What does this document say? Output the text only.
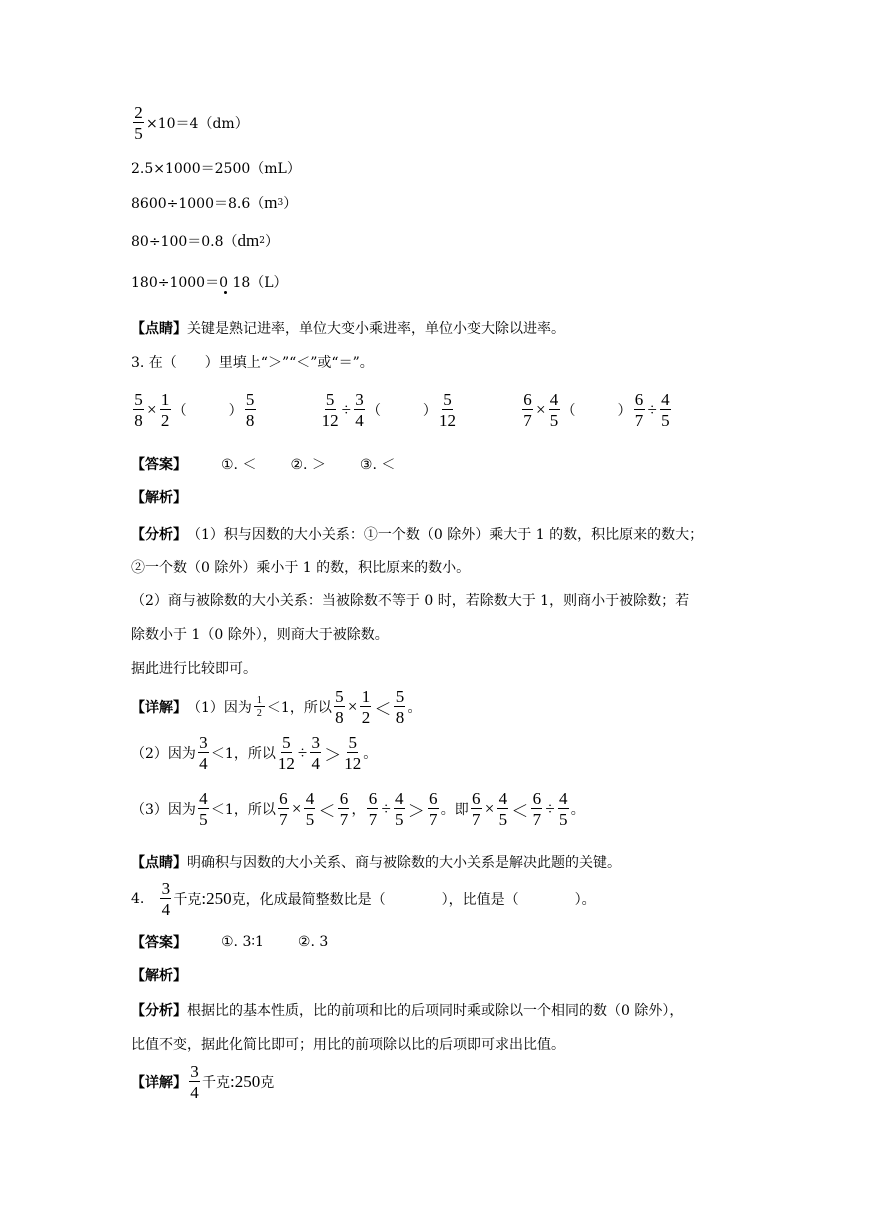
$\frac{2}{5} \times 10=4(dm)$
2.5×1000＝2500（mL）
8600÷1000＝8.6（ m 3 ）
80÷100＝0.8（ dm 2 ）
180÷1000＝0 18（L）
【点睛】 关键是熟记进率，单位大变小乘进率，单位小变大除以进率。
3. 在（　　）里填上“＞”“＜”或“＝”。
$\frac{5}{8} \times \frac{1}{2}$ （　　　） $\frac{5}{8}$	$\frac{5}{12} \div \frac{3}{4}$ （　　　） $\frac{5}{12}$	$\frac{6}{7} \times \frac{4}{5}$ （　　　） $\frac{6}{7} \div \frac{4}{5}$
【答案】 ①. ＜ ②. ＞ ③. ＜
【解析】
【分析】 （1）积与因数的大小关系：①一个数（0 除外）乘大于 1 的数，积比原来的数大；
②一个数（0 除外）乘小于 1 的数，积比原来的数小。
（2）商与被除数的大小关系：当被除数不等于 0 时，若除数大于 1，则商小于被除数；若
除数小于 1（0 除外），则商大于被除数。
据此进行比较即可。
【详解】 （1）因为 $\frac{1}{2} <1$，所以 $\frac{5}{8} \times \frac{1}{2} < \frac{5}{8}$ 。
（2）因为 $\frac{3}{4} <1$，所以 $\frac{5}{12} \div \frac{3}{4} > \frac{5}{12}$ 。
（3）因为 $\frac{4}{5} <1$，所以 $\frac{6}{7} \times \frac{4}{5} < \frac{6}{7}$ ， $\frac{6}{7} \div \frac{4}{5} > \frac{6}{7}$ 。即 $\frac{6}{7} \times \frac{4}{5} < \frac{6}{7} \div \frac{4}{5}$ 。
【点睛】 明确积与因数的大小关系、商与被除数的大小关系是解决此题的关键。
4. $\frac{3}{4}$ 千克 : 250 克 ，化成最简整数比是（　　　　），比值是（　　　　）。
【答案】 ①. 3∶1 ②. 3
【解析】
【分析】 根据比的基本性质，比的前项和比的后项同时乘或除以一个相同的数（0 除外），
比值不变，据此化简比即可；用比的前项除以比的后项即可求出比值。
【详解】 $\frac{3}{4}$ 千克 : 250 克
